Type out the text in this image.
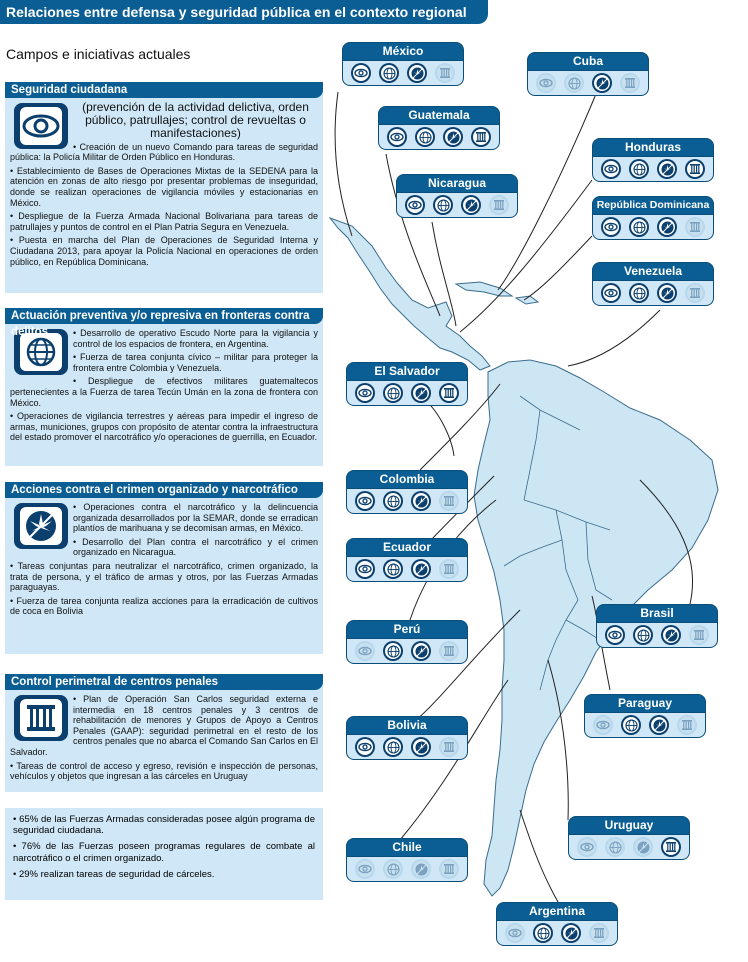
Relaciones entre defensa y seguridad pública en el contexto regional
Campos e iniciativas actuales
Seguridad ciudadana
(prevención de la actividad delictiva, orden público, patrullajes; control de revueltas o manifestaciones)
• Creación de un nuevo Comando para tareas de seguridad pública: la Policía Militar de Orden Público en Honduras.
• Establecimiento de Bases de Operaciones Mixtas de la SEDENA para la atención en zonas de alto riesgo por presentar problemas de inseguridad, donde se realizan operaciones de vigilancia móviles y estacionarias en México.
• Despliegue de la Fuerza Armada Nacional Bolivariana para tareas de patrullajes y puntos de control en el Plan Patria Segura en Venezuela.
• Puesta en marcha del Plan de Operaciones de Seguridad Interna y Ciudadana 2013, para apoyar la Policía Nacional en operaciones de orden público, en República Dominicana.
Actuación preventiva y/o represiva en fronteras contra delitos
•	Desarrollo de operativo Escudo Norte para la vigilancia y control de los espacios de frontera, en Argentina.
• Fuerza de tarea conjunta cívico – militar para proteger la frontera entre Colombia y Venezuela.
• Despliegue de efectivos militares guatemaltecos pertenecientes a la Fuerza de tarea Tecún Umán en la zona de frontera con México.
• Operaciones de vigilancia terrestres y aéreas para impedir el ingreso de armas, municiones, grupos con propósito de atentar contra la infraestructura del estado promover el narcotráfico y/o operaciones de guerrilla, en Ecuador.
Acciones contra el crimen organizado y narcotráfico
• Operaciones contra el narcotráfico y la delincuencia organizada desarrollados por la SEMAR, donde se erradican plantíos de marihuana y se decomisan armas, en México.
• Desarrollo del Plan contra el narcotráfico y el crimen organizado en Nicaragua.
• Tareas conjuntas para neutralizar el narcotráfico, crimen organizado, la trata de persona, y el tráfico de armas y otros, por las Fuerzas Armadas paraguayas.
• Fuerza de tarea conjunta realiza acciones para la erradicación de cultivos de coca en Bolivia
Control perimetral de centros penales
• Plan de Operación San Carlos seguridad externa e intermedia en 18 centros penales y 3 centros de rehabilitación de menores y Grupos de Apoyo a Centros Penales (GAAP): seguridad perimetral en el resto de los centros penales que no abarca el Comando San Carlos en El Salvador.
• Tareas de control de acceso y egreso, revisión e inspección de personas, vehículos y objetos que ingresan a las cárceles en Uruguay
• 65% de las Fuerzas Armadas consideradas posee algún programa de seguridad ciudadana.
• 76% de las Fuerzas poseen programas regulares de combate al narcotráfico o el crimen organizado.
• 29% realizan tareas de seguridad de cárceles.
México
Cuba
Guatemala
Honduras
Nicaragua
República Dominicana
Venezuela
El Salvador
Colombia
Ecuador
Perú
Brasil
Paraguay
Bolivia
Uruguay
Chile
Argentina
